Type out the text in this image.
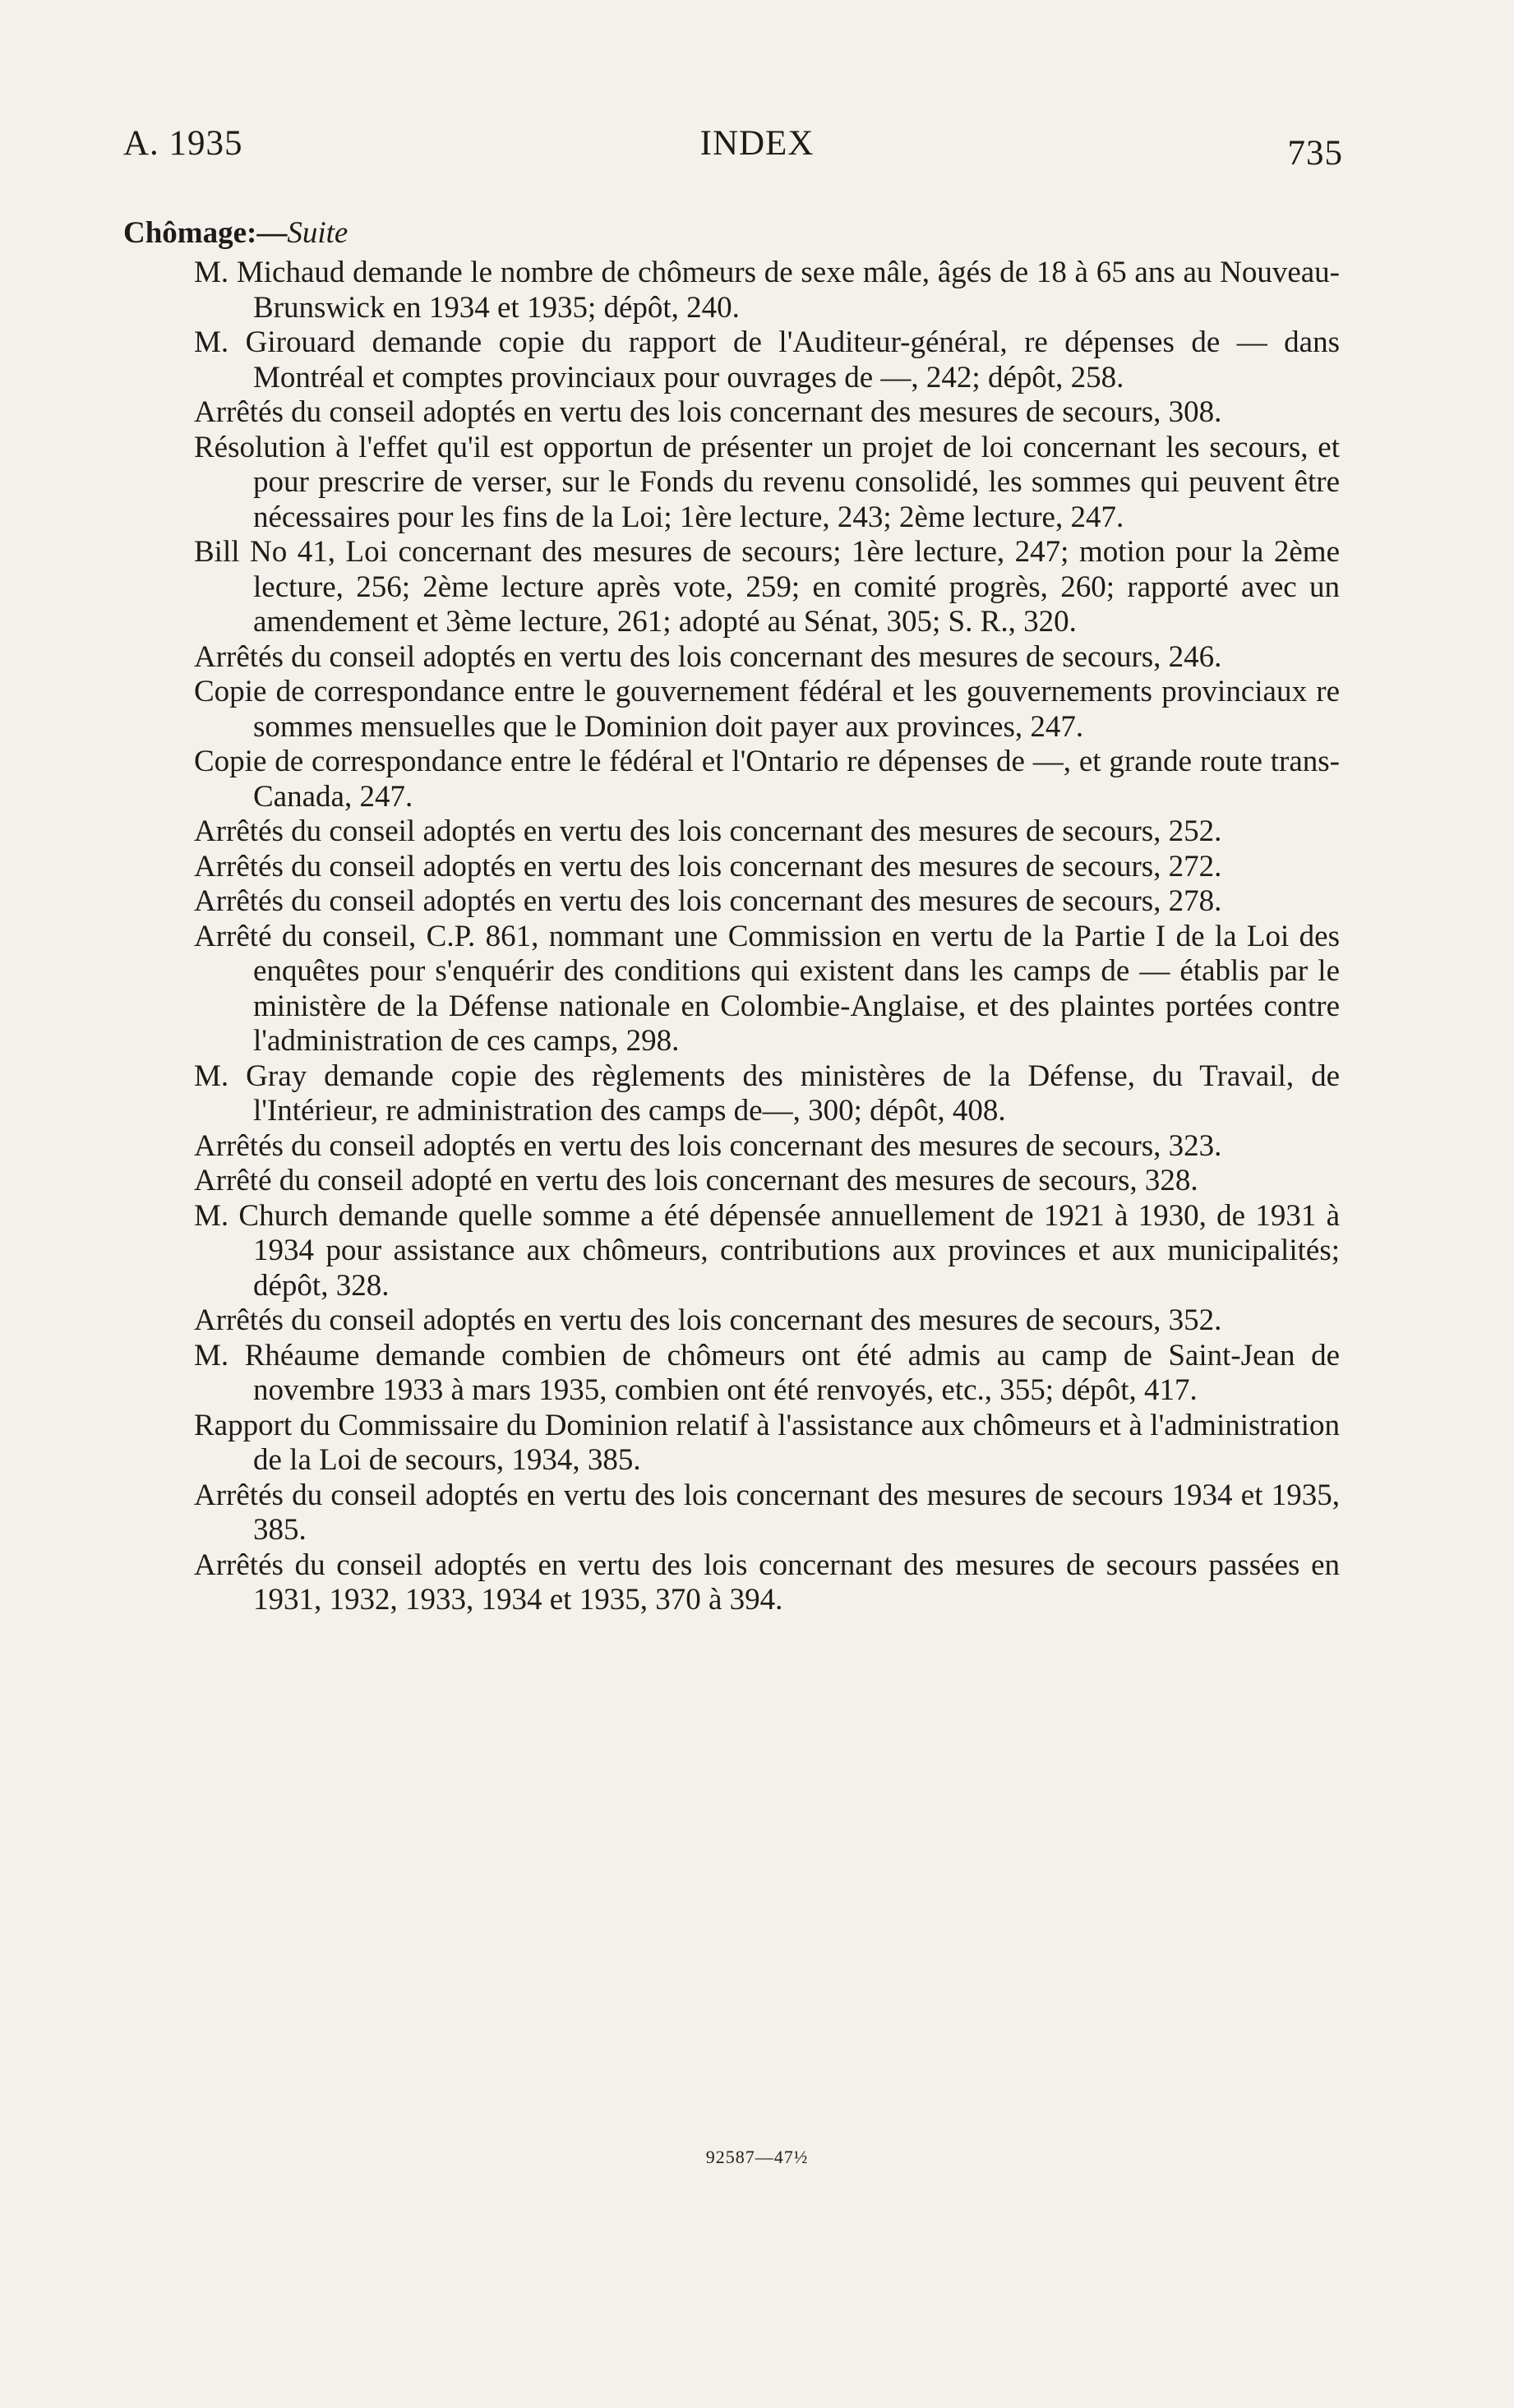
A. 1935	INDEX	735
Chômage:—Suite
M. Michaud demande le nombre de chômeurs de sexe mâle, âgés de 18 à 65 ans au Nouveau-Brunswick en 1934 et 1935; dépôt, 240.
M. Girouard demande copie du rapport de l'Auditeur-général, re dépenses de — dans Montréal et comptes provinciaux pour ouvrages de —, 242; dépôt, 258.
Arrêtés du conseil adoptés en vertu des lois concernant des mesures de secours, 308.
Résolution à l'effet qu'il est opportun de présenter un projet de loi concernant les secours, et pour prescrire de verser, sur le Fonds du revenu consolidé, les sommes qui peuvent être nécessaires pour les fins de la Loi; 1ère lecture, 243; 2ème lecture, 247.
Bill No 41, Loi concernant des mesures de secours; 1ère lecture, 247; motion pour la 2ème lecture, 256; 2ème lecture après vote, 259; en comité progrès, 260; rapporté avec un amendement et 3ème lecture, 261; adopté au Sénat, 305; S. R., 320.
Arrêtés du conseil adoptés en vertu des lois concernant des mesures de secours, 246.
Copie de correspondance entre le gouvernement fédéral et les gouvernements provinciaux re sommes mensuelles que le Dominion doit payer aux provinces, 247.
Copie de correspondance entre le fédéral et l'Ontario re dépenses de —, et grande route trans-Canada, 247.
Arrêtés du conseil adoptés en vertu des lois concernant des mesures de secours, 252.
Arrêtés du conseil adoptés en vertu des lois concernant des mesures de secours, 272.
Arrêtés du conseil adoptés en vertu des lois concernant des mesures de secours, 278.
Arrêté du conseil, C.P. 861, nommant une Commission en vertu de la Partie I de la Loi des enquêtes pour s'enquérir des conditions qui existent dans les camps de — établis par le ministère de la Défense nationale en Colombie-Anglaise, et des plaintes portées contre l'administration de ces camps, 298.
M. Gray demande copie des règlements des ministères de la Défense, du Travail, de l'Intérieur, re administration des camps de—, 300; dépôt, 408.
Arrêtés du conseil adoptés en vertu des lois concernant des mesures de secours, 323.
Arrêté du conseil adopté en vertu des lois concernant des mesures de secours, 328.
M. Church demande quelle somme a été dépensée annuellement de 1921 à 1930, de 1931 à 1934 pour assistance aux chômeurs, contributions aux provinces et aux municipalités; dépôt, 328.
Arrêtés du conseil adoptés en vertu des lois concernant des mesures de secours, 352.
M. Rhéaume demande combien de chômeurs ont été admis au camp de Saint-Jean de novembre 1933 à mars 1935, combien ont été renvoyés, etc., 355; dépôt, 417.
Rapport du Commissaire du Dominion relatif à l'assistance aux chômeurs et à l'administration de la Loi de secours, 1934, 385.
Arrêtés du conseil adoptés en vertu des lois concernant des mesures de secours 1934 et 1935, 385.
Arrêtés du conseil adoptés en vertu des lois concernant des mesures de secours passées en 1931, 1932, 1933, 1934 et 1935, 370 à 394.
92587—47½
